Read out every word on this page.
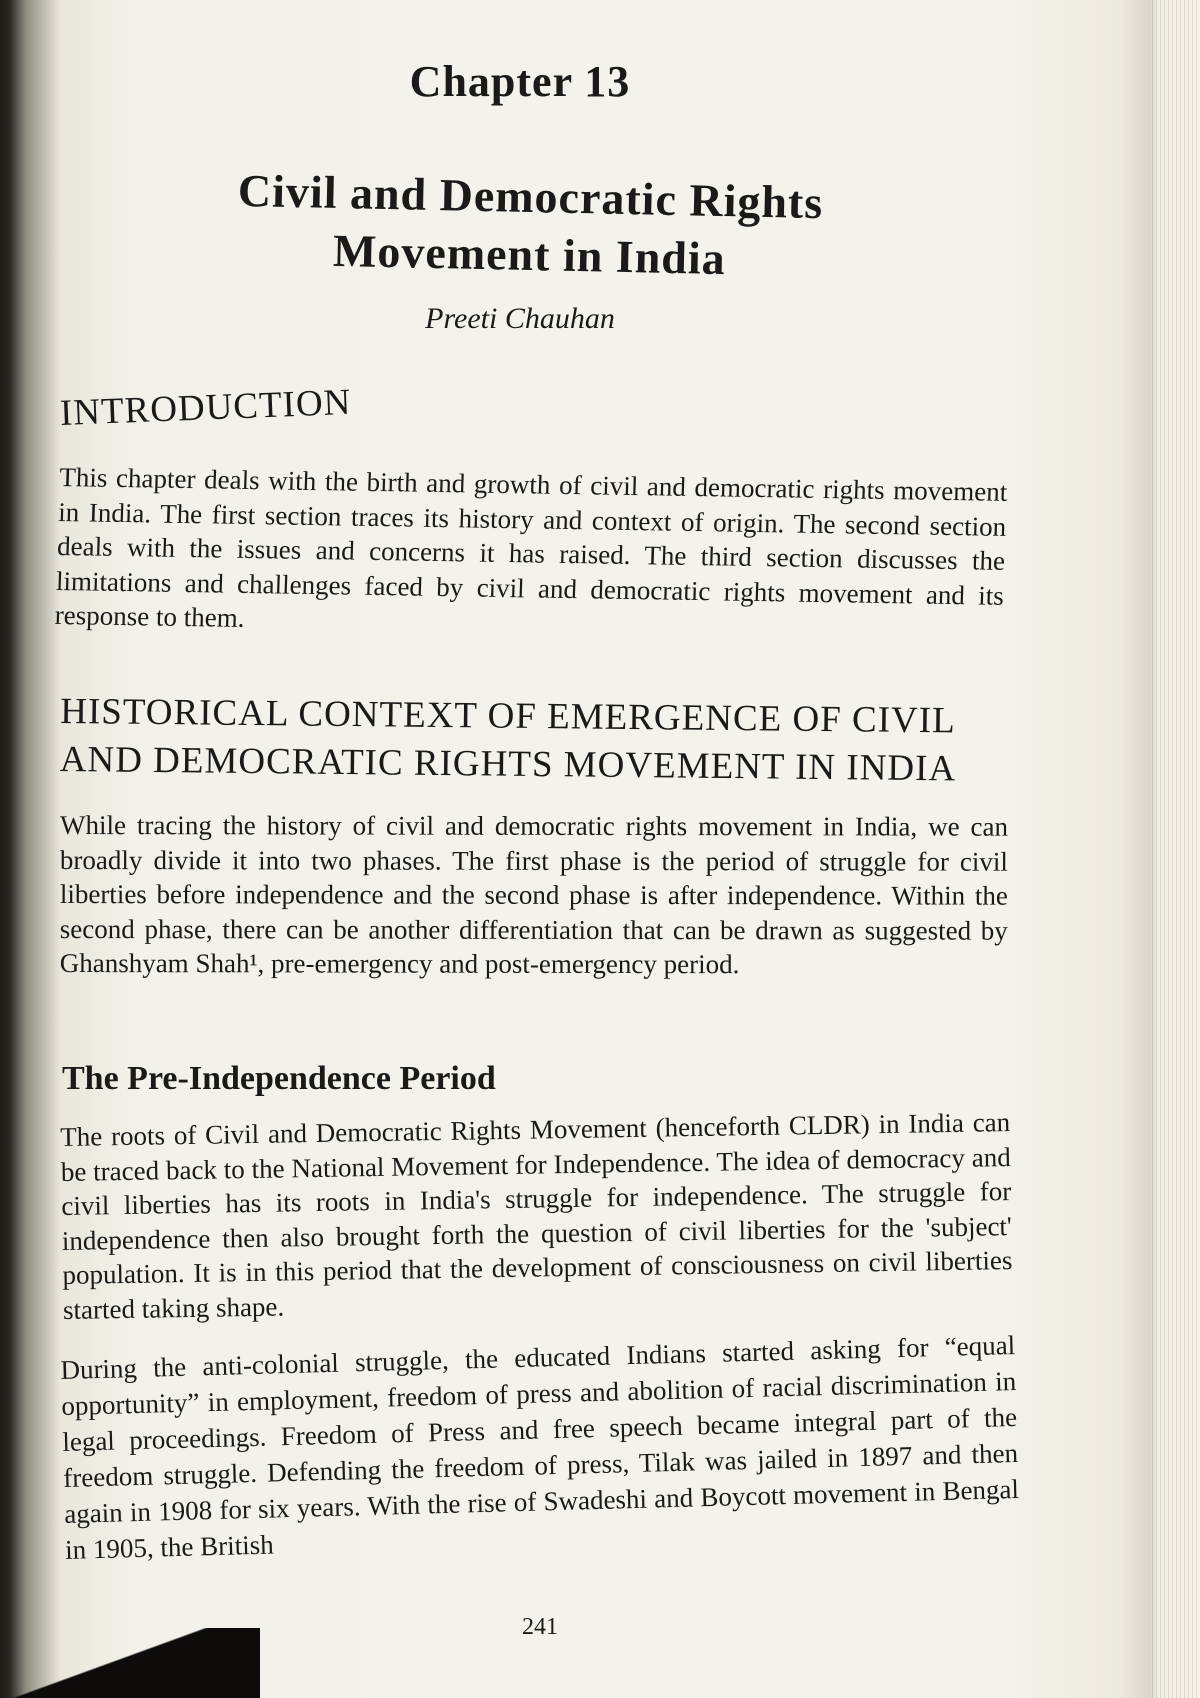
Chapter 13
Civil and Democratic Rights Movement in India
Preeti Chauhan
INTRODUCTION
This chapter deals with the birth and growth of civil and democratic rights movement in India. The first section traces its history and context of origin. The second section deals with the issues and concerns it has raised. The third section discusses the limitations and challenges faced by civil and democratic rights movement and its response to them.
HISTORICAL CONTEXT OF EMERGENCE OF CIVIL AND DEMOCRATIC RIGHTS MOVEMENT IN INDIA
While tracing the history of civil and democratic rights movement in India, we can broadly divide it into two phases. The first phase is the period of struggle for civil liberties before independence and the second phase is after independence. Within the second phase, there can be another differentiation that can be drawn as suggested by Ghanshyam Shah¹, pre-emergency and post-emergency period.
The Pre-Independence Period
The roots of Civil and Democratic Rights Movement (henceforth CLDR) in India can be traced back to the National Movement for Independence. The idea of democracy and civil liberties has its roots in India's struggle for independence. The struggle for independence then also brought forth the question of civil liberties for the 'subject' population. It is in this period that the development of consciousness on civil liberties started taking shape.
During the anti-colonial struggle, the educated Indians started asking for “equal opportunity” in employment, freedom of press and abolition of racial discrimination in legal proceedings. Freedom of Press and free speech became integral part of the freedom struggle. Defending the freedom of press, Tilak was jailed in 1897 and then again in 1908 for six years. With the rise of Swadeshi and Boycott movement in Bengal in 1905, the British
241
